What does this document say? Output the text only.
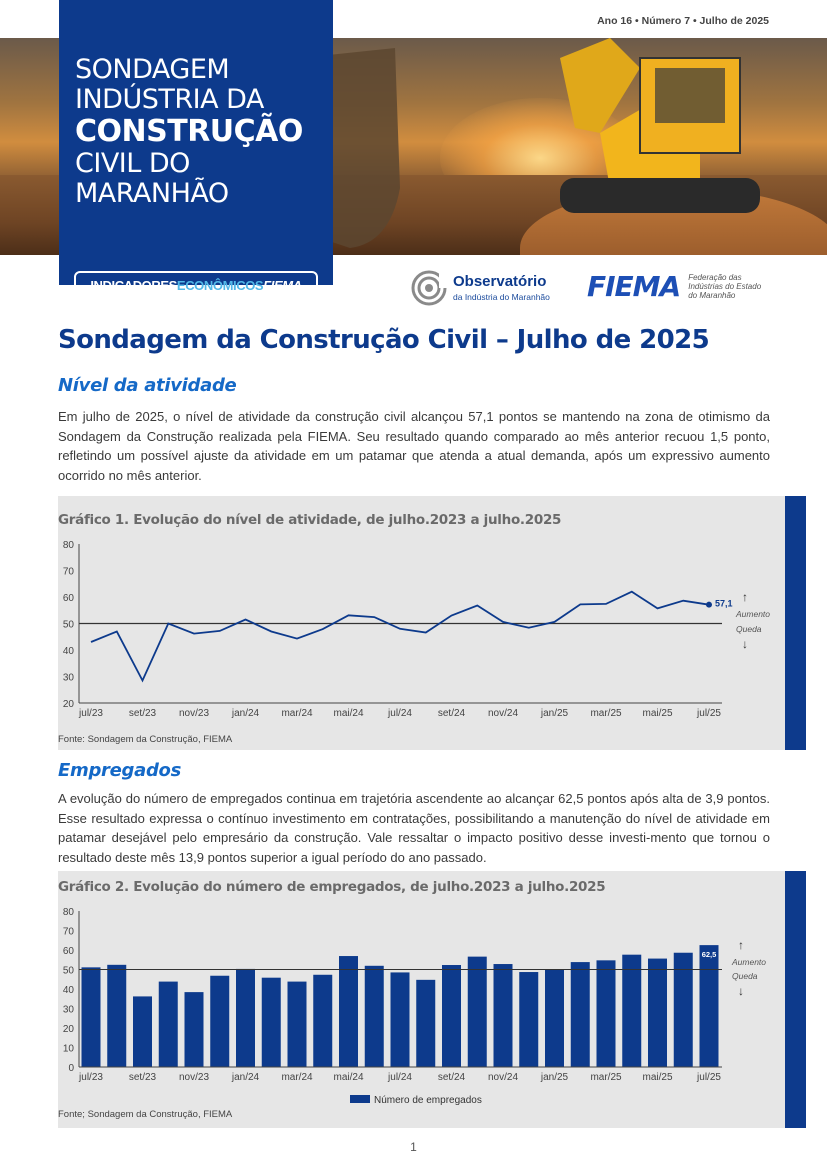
Ano 16 • Número 7 • Julho de 2025
SONDAGEM
INDÚSTRIA DA
CONSTRUÇÃO
CIVIL DO
MARANHÃO
INDICADORES ECONÔMICOS FIEMA	Observatório
da Indústria do Maranhão FIEMA Federação das
Indústrias do Estado
do Maranhão
Sondagem da Construção Civil – Julho de 2025
Nível da atividade
Em julho de 2025, o nível de atividade da construção civil alcançou 57,1 pontos se mantendo na zona de otimismo da Sondagem da Construção realizada pela FIEMA. Seu resultado quando comparado ao mês anterior recuou 1,5 ponto, refletindo um possível ajuste da atividade em um patamar que atenda a atual demanda, após um expressivo aumento ocorrido no mês anterior.
Gráfico 1. Evolução do nível de atividade, de julho.2023 a julho.2025
20
30
40
50
60
70
80
57,1
jul/23	set/23 nov/23 jan/24 mar/24 mai/24 jul/24	set/24 nov/24 jan/25 mar/25 mai/25 jul/25
↑
Aumento
Queda
↓
Fonte: Sondagem da Construção, FIEMA
Empregados
A evolução do número de empregados continua em trajetória ascendente ao alcançar 62,5 pontos após alta de 3,9 pontos. Esse resultado expressa o contínuo investimento em contratações, possibilitando a manutenção do nível de atividade em patamar desejável pelo empresário da construção. Vale ressaltar o impacto positivo desse investi-mento que tornou o resultado deste mês 13,9 pontos superior a igual período do ano passado.
Gráfico 2. Evolução do número de empregados, de julho.2023 a julho.2025
0
10
20
30
40
50
60
70
80
62,5
jul/23	set/23 nov/23 jan/24 mar/24 mai/24 jul/24	set/24 nov/24 jan/25 mar/25 mai/25 jul/25
Número de empregados
↑
Aumento
Queda
↓
Fonte; Sondagem da Construção, FIEMA
1
